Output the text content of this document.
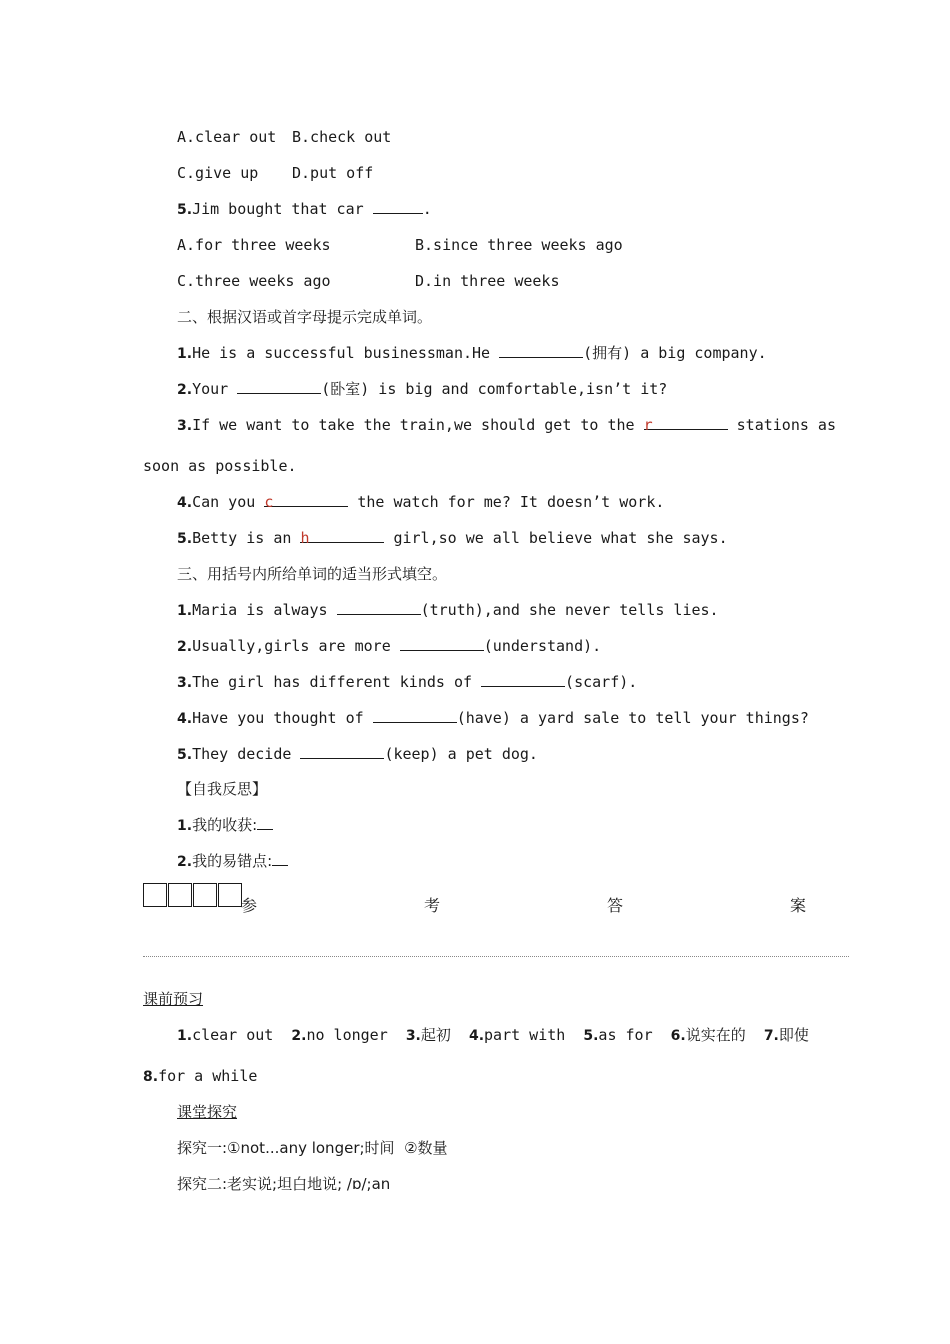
A.clear out B.check out
C.give up D.put off
5.Jim bought that car	.
A.for three weeks	B.since three weeks ago
C.three weeks ago	D.in three weeks
二、根据汉语或首字母提示完成单词。
1.He is a successful businessman.He	(拥有) a big company.
2.Your	(卧室) is big and comfortable,isn’t it?
3.If we want to take the train,we should get to the r	stations as
soon as possible.
4.Can you c	the watch for me? It doesn’t work.
5.Betty is an h	girl,so we all believe what she says.
三、用括号内所给单词的适当形式填空。
1.Maria is always	(truth),and she never tells lies.
2.Usually,girls are more	(understand).
3.The girl has different kinds of	(scarf).
4.Have you thought of	(have) a yard sale to tell your things?
5.They decide	(keep) a pet dog.
【自我反思】
1.我的收获:
2.我的易错点:
参	考	答	案
课前预习
1.clear out 2.no longer 3.起初 4.part with 5.as for 6.说实在的 7.即使
8.for a while
课堂探究
探究一:①not...any longer;时间  ②数量
探究二:老实说;坦白地说; /ɒ/;an
